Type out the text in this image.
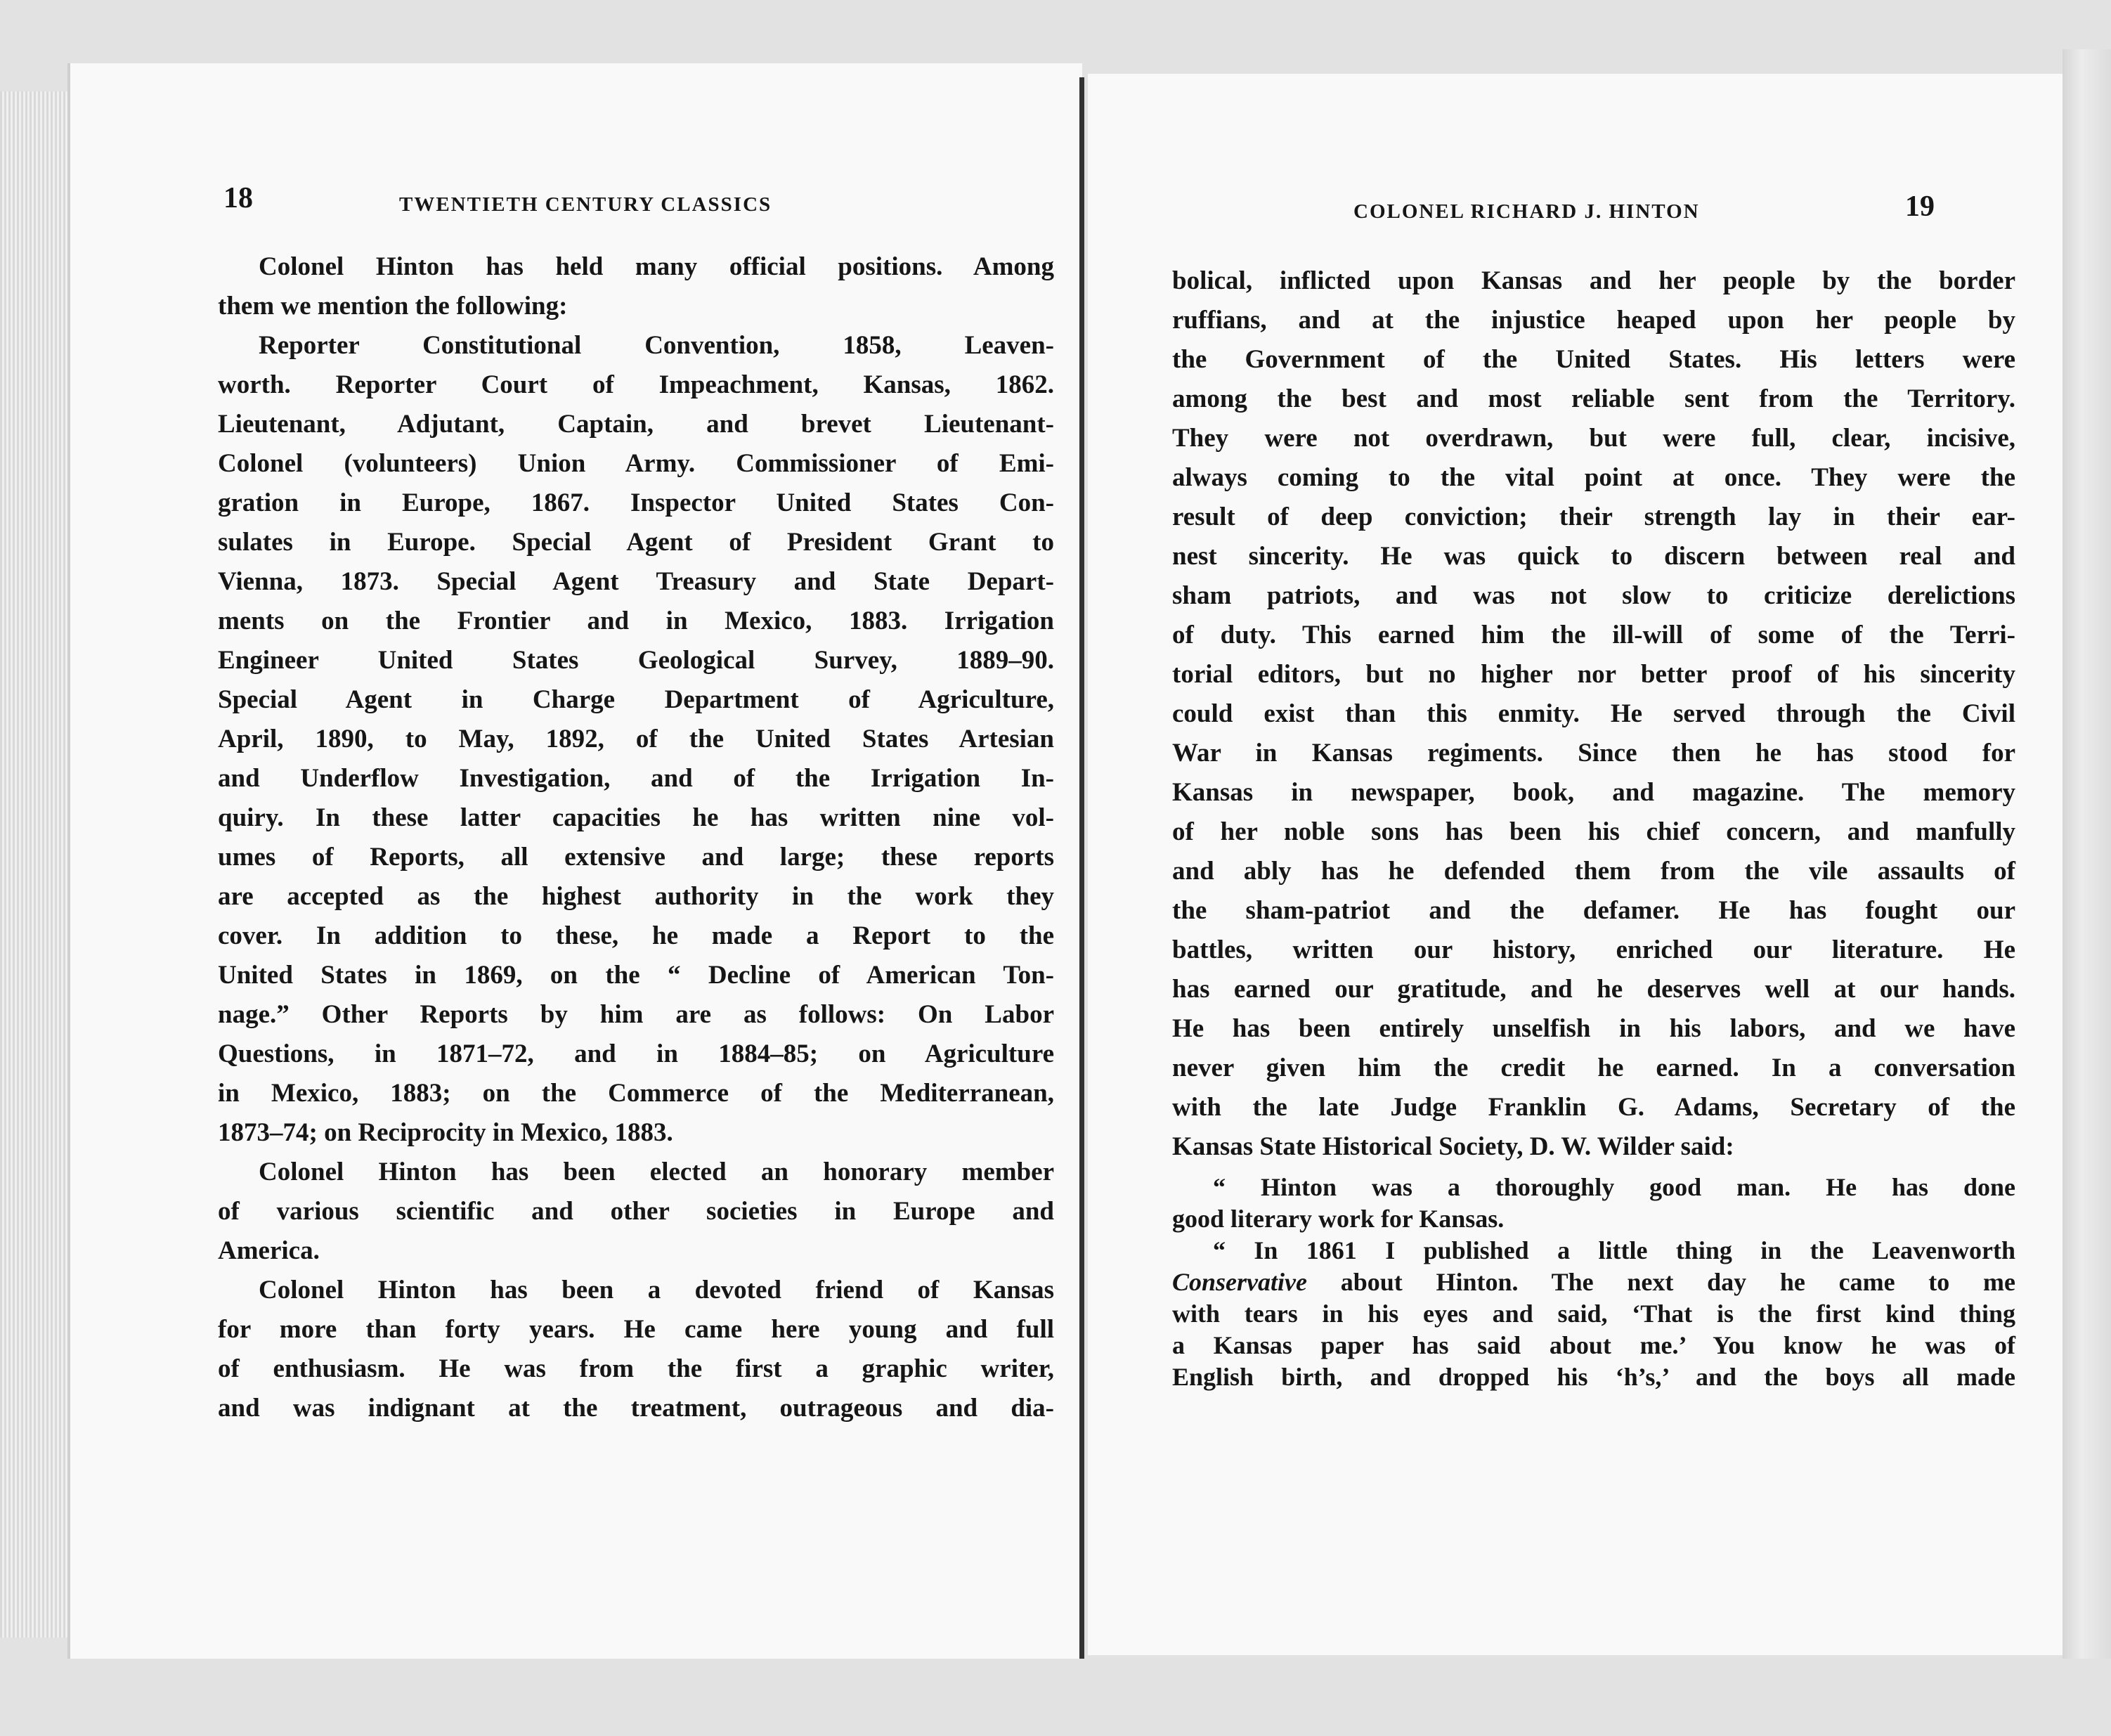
18	TWENTIETH CENTURY CLASSICS
Colonel Hinton has held many official positions. Among
them we mention the following:
Reporter Constitutional Convention, 1858, Leaven-
worth. Reporter Court of Impeachment, Kansas, 1862.
Lieutenant, Adjutant, Captain, and brevet Lieutenant-
Colonel (volunteers) Union Army. Commissioner of Emi-
gration in Europe, 1867. Inspector United States Con-
sulates in Europe. Special Agent of President Grant to
Vienna, 1873. Special Agent Treasury and State Depart-
ments on the Frontier and in Mexico, 1883. Irrigation
Engineer United States Geological Survey, 1889–90.
Special Agent in Charge Department of Agriculture,
April, 1890, to May, 1892, of the United States Artesian
and Underflow Investigation, and of the Irrigation In-
quiry. In these latter capacities he has written nine vol-
umes of Reports, all extensive and large; these reports
are accepted as the highest authority in the work they
cover. In addition to these, he made a Report to the
United States in 1869, on the “ Decline of American Ton-
nage.” Other Reports by him are as follows: On Labor
Questions, in 1871–72, and in 1884–85; on Agriculture
in Mexico, 1883; on the Commerce of the Mediterranean,
1873–74; on Reciprocity in Mexico, 1883.
Colonel Hinton has been elected an honorary member
of various scientific and other societies in Europe and
America.
Colonel Hinton has been a devoted friend of Kansas
for more than forty years. He came here young and full
of enthusiasm. He was from the first a graphic writer,
and was indignant at the treatment, outrageous and dia-
COLONEL RICHARD J. HINTON	19
bolical, inflicted upon Kansas and her people by the border
ruffians, and at the injustice heaped upon her people by
the Government of the United States. His letters were
among the best and most reliable sent from the Territory.
They were not overdrawn, but were full, clear, incisive,
always coming to the vital point at once. They were the
result of deep conviction; their strength lay in their ear-
nest sincerity. He was quick to discern between real and
sham patriots, and was not slow to criticize derelictions
of duty. This earned him the ill-will of some of the Terri-
torial editors, but no higher nor better proof of his sincerity
could exist than this enmity. He served through the Civil
War in Kansas regiments. Since then he has stood for
Kansas in newspaper, book, and magazine. The memory
of her noble sons has been his chief concern, and manfully
and ably has he defended them from the vile assaults of
the sham-patriot and the defamer. He has fought our
battles, written our history, enriched our literature. He
has earned our gratitude, and he deserves well at our hands.
He has been entirely unselfish in his labors, and we have
never given him the credit he earned. In a conversation
with the late Judge Franklin G. Adams, Secretary of the
Kansas State Historical Society, D. W. Wilder said:
“ Hinton was a thoroughly good man. He has done
good literary work for Kansas.
“ In 1861 I published a little thing in the Leavenworth
Conservative about Hinton. The next day he came to me
with tears in his eyes and said, ‘That is the first kind thing
a Kansas paper has said about me.’ You know he was of
English birth, and dropped his ‘h’s,’ and the boys all made
